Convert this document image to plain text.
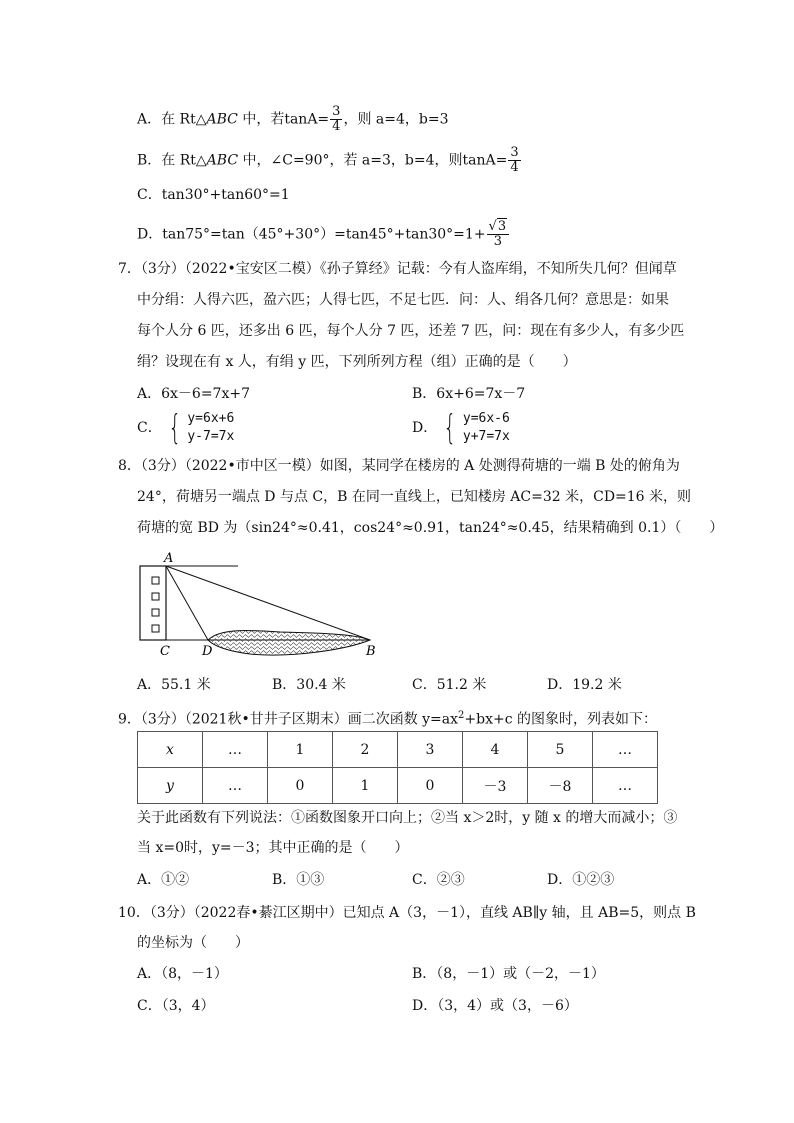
A．在 Rt△ABC 中，若$\tan A= \frac{3}{4}$ ，则 a=4，b=3
B．在 Rt△ABC 中，∠C=90°，若 a=3，b=4，则$\tan A= \frac{3}{4}$
C．tan30°+tan60°=1
D．$\tan 75^\circ=\tan(45^\circ+30^\circ)=\tan 45^\circ+\tan 30^\circ=1+ \frac{√3}{3}$
7．（3分）（2022•宝安区二模）《孙子算经》记载：今有人盗库绢，不知所失几何？但闻草
中分绢：人得六匹，盈六匹；人得七匹，不足七匹．问：人、绢各几何？意思是：如果
每个人分 6 匹，还多出 6 匹，每个人分 7 匹，还差 7 匹，问：现在有多少人，有多少匹
绢？设现在有 x 人，有绢 y 匹，下列所列方程（组）正确的是（　　）
A．6x－6=7x+7	B．6x+6=7x－7
C． { y=6x+6
y-7=7x
D． { y=6x-6
y+7=7x
8．（3分）（2022•市中区一模）如图，某同学在楼房的 A 处测得荷塘的一端 B 处的俯角为
24°，荷塘另一端点 D 与点 C，B 在同一直线上，已知楼房 AC=32 米，CD=16 米，则
荷塘的宽 BD 为（sin24°≈0.41，cos24°≈0.91，tan24°≈0.45，结果精确到 0.1）（　　）
A
C D	B
A．55.1 米	B．30.4 米	C．51.2 米	D．19.2 米
9．（3分）（2021秋•甘井子区期末）画二次函数 $y=ax^2+bx+c$ 的图象时，列表如下：
x	…	1	2	3	4	5	…
y	…	0	1	0	－3	－8	…
关于此函数有下列说法：①函数图象开口向上；②当 x＞2时，y 随 x 的增大而减小；③
当 x=0时，y=－3；其中正确的是（　　）
A．①②	B．①③	C．②③	D．①②③
10．（3分）（2022春•綦江区期中）已知点 A（3，－1），直线 AB∥y 轴，且 AB=5，则点 B
的坐标为（　　）
A．（8，－1）	B．（8，－1）或（－2，－1）
C．（3，4）	D．（3，4）或（3，－6）
